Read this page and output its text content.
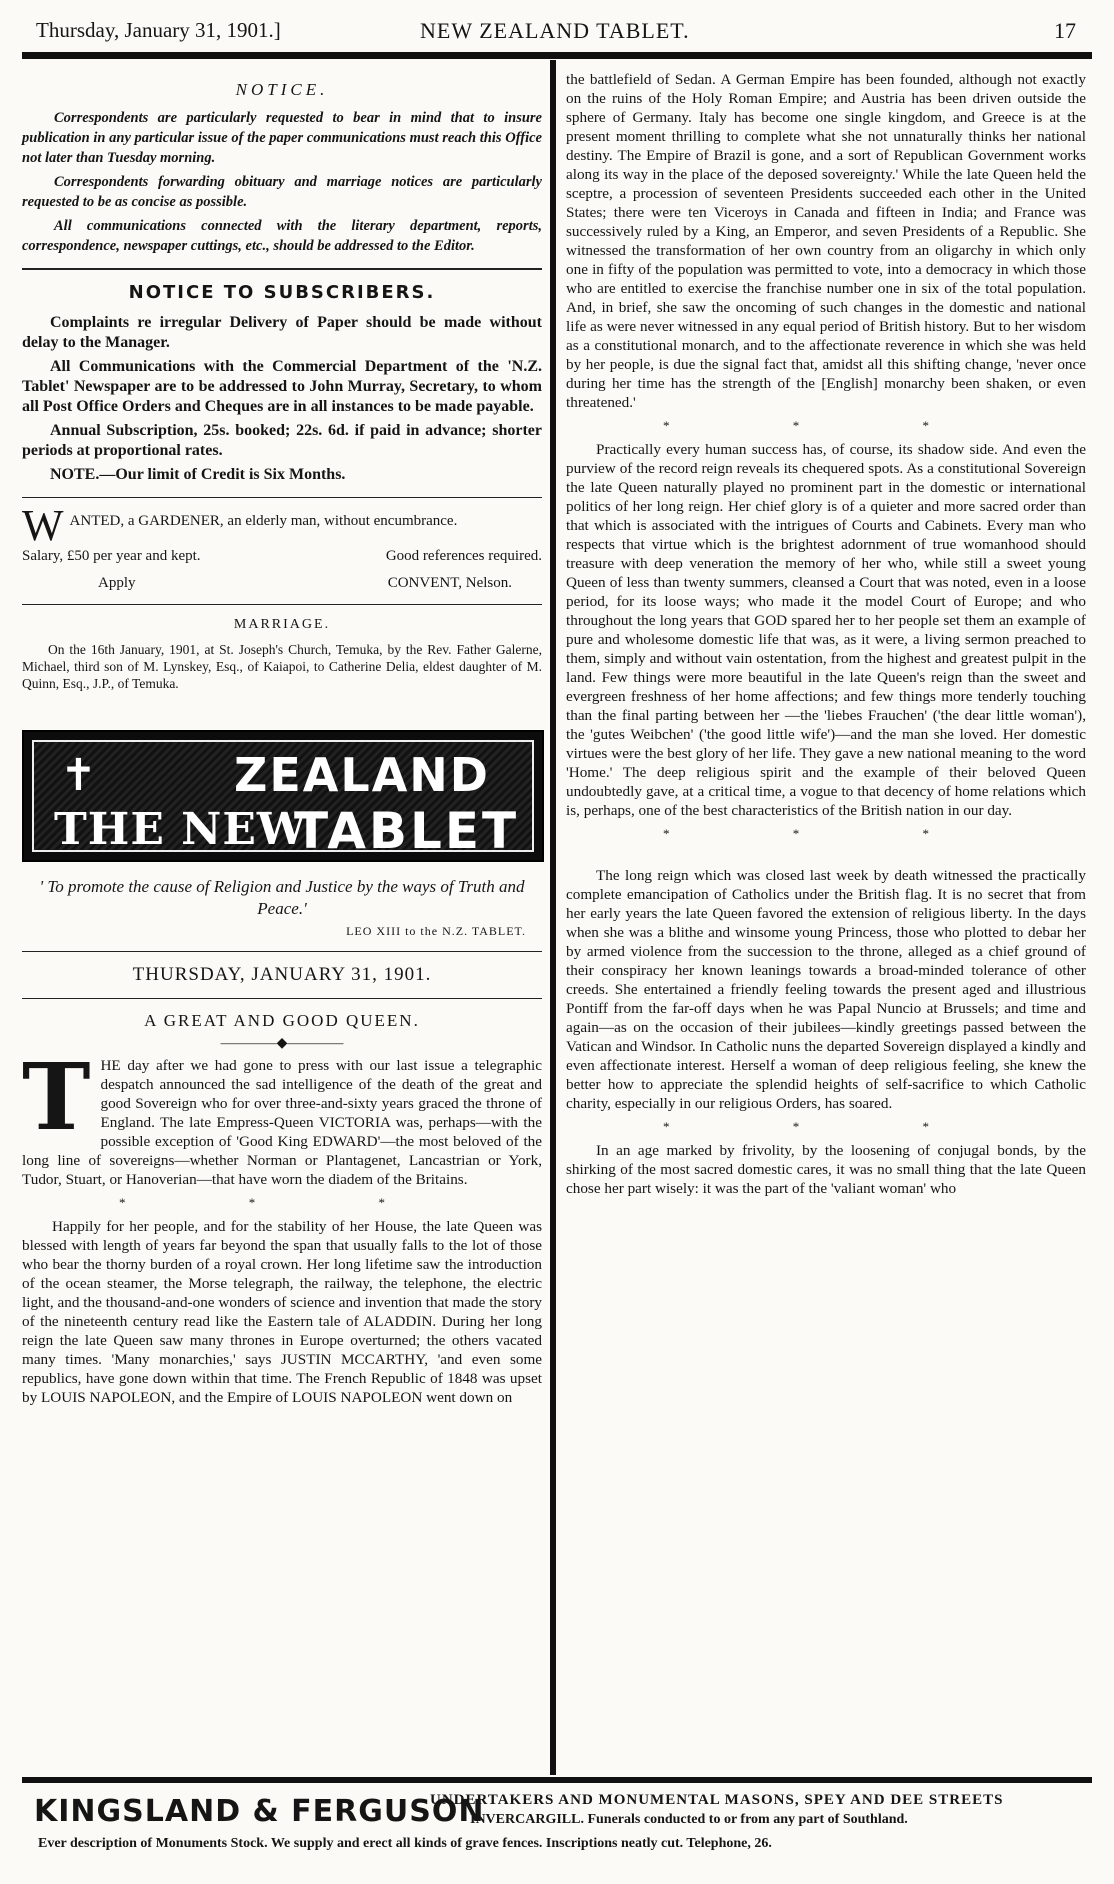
Thursday, January 31, 1901.]	NEW ZEALAND TABLET.	17
NOTICE.

Correspondents are particularly requested to bear in mind that to insure publication in any particular issue of the paper communications must reach this Office not later than Tuesday morning.

Correspondents forwarding obituary and marriage notices are particularly requested to be as concise as possible.

All communications connected with the literary department, reports, correspondence, newspaper cuttings, etc., should be addressed to the Editor.

NOTICE TO SUBSCRIBERS.

Complaints re irregular Delivery of Paper should be made without delay to the Manager.

All Communications with the Commercial Department of the 'N.Z. Tablet' Newspaper are to be addressed to John Murray, Secretary, to whom all Post Office Orders and Cheques are in all instances to be made payable.

Annual Subscription, 25s. booked; 22s. 6d. if paid in advance; shorter periods at proportional rates.

NOTE.—Our limit of Credit is Six Months.

W ANTED, a GARDENER, an elderly man, without encumbrance.
Salary, £50 per year and kept.	Good references required.
Apply	CONVENT, Nelson.
MARRIAGE.
On the 16th January, 1901, at St. Joseph's Church, Temuka, by the Rev. Father Galerne, Michael, third son of M. Lynskey, Esq., of Kaiapoi, to Catherine Delia, eldest daughter of M. Quinn, Esq., J.P., of Temuka.
✝	ZEALAND
THE NEW
TABLET
' To promote the cause of Religion and Justice by the ways of Truth and Peace.'
LEO XIII to the N.Z. TABLET.
THURSDAY, JANUARY 31, 1901.
A GREAT AND GOOD QUEEN.
————◆————
T HE day after we had gone to press with our last issue a telegraphic despatch announced the sad intelligence of the death of the great and good Sovereign who for over three-and-sixty years graced the throne of England. The late Empress-Queen VICTORIA was, perhaps—with the possible exception of 'Good King EDWARD'—the most beloved of the long line of sovereigns—whether Norman or Plantagenet, Lancastrian or York, Tudor, Stuart, or Hanoverian—that have worn the diadem of the Britains.

* * *

Happily for her people, and for the stability of her House, the late Queen was blessed with length of years far beyond the span that usually falls to the lot of those who bear the thorny burden of a royal crown. Her long lifetime saw the introduction of the ocean steamer, the Morse telegraph, the railway, the telephone, the electric light, and the thousand-and-one wonders of science and invention that made the story of the nineteenth century read like the Eastern tale of ALADDIN. During her long reign the late Queen saw many thrones in Europe overturned; the others vacated many times. 'Many monarchies,' says JUSTIN MCCARTHY, 'and even some republics, have gone down within that time. The French Republic of 1848 was upset by LOUIS NAPOLEON, and the Empire of LOUIS NAPOLEON went down on

the battlefield of Sedan. A German Empire has been founded, although not exactly on the ruins of the Holy Roman Empire; and Austria has been driven outside the sphere of Germany. Italy has become one single kingdom, and Greece is at the present moment thrilling to complete what she not unnaturally thinks her national destiny. The Empire of Brazil is gone, and a sort of Republican Government works along its way in the place of the deposed sovereignty.' While the late Queen held the sceptre, a procession of seventeen Presidents succeeded each other in the United States; there were ten Viceroys in Canada and fifteen in India; and France was successively ruled by a King, an Emperor, and seven Presidents of a Republic. She witnessed the transformation of her own country from an oligarchy in which only one in fifty of the population was permitted to vote, into a democracy in which those who are entitled to exercise the franchise number one in six of the total population. And, in brief, she saw the oncoming of such changes in the domestic and national life as were never witnessed in any equal period of British history. But to her wisdom as a constitutional monarch, and to the affectionate reverence in which she was held by her people, is due the signal fact that, amidst all this shifting change, 'never once during her time has the strength of the [English] monarchy been shaken, or even threatened.'

* * *

Practically every human success has, of course, its shadow side. And even the purview of the record reign reveals its chequered spots. As a constitutional Sovereign the late Queen naturally played no prominent part in the domestic or international politics of her long reign. Her chief glory is of a quieter and more sacred order than that which is associated with the intrigues of Courts and Cabinets. Every man who respects that virtue which is the brightest adornment of true womanhood should treasure with deep veneration the memory of her who, while still a sweet young Queen of less than twenty summers, cleansed a Court that was noted, even in a loose period, for its loose ways; who made it the model Court of Europe; and who throughout the long years that GOD spared her to her people set them an example of pure and wholesome domestic life that was, as it were, a living sermon preached to them, simply and without vain ostentation, from the highest and greatest pulpit in the land. Few things were more beautiful in the late Queen's reign than the sweet and evergreen freshness of her home affections; and few things more tenderly touching than the final parting between her —the 'liebes Frauchen' ('the dear little woman'), the 'gutes Weibchen' ('the good little wife')—and the man she loved. Her domestic virtues were the best glory of her life. They gave a new national meaning to the word 'Home.' The deep religious spirit and the example of their beloved Queen undoubtedly gave, at a critical time, a vogue to that decency of home relations which is, perhaps, one of the best characteristics of the British nation in our day.

* * *

The long reign which was closed last week by death witnessed the practically complete emancipation of Catholics under the British flag. It is no secret that from her early years the late Queen favored the extension of religious liberty. In the days when she was a blithe and winsome young Princess, those who plotted to debar her by armed violence from the succession to the throne, alleged as a chief ground of their conspiracy her known leanings towards a broad-minded tolerance of other creeds. She entertained a friendly feeling towards the present aged and illustrious Pontiff from the far-off days when he was Papal Nuncio at Brussels; and time and again—as on the occasion of their jubilees—kindly greetings passed between the Vatican and Windsor. In Catholic nuns the departed Sovereign displayed a kindly and even affectionate interest. Herself a woman of deep religious feeling, she knew the better how to appreciate the splendid heights of self-sacrifice to which Catholic charity, especially in our religious Orders, has soared.

* * *

In an age marked by frivolity, by the loosening of conjugal bonds, by the shirking of the most sacred domestic cares, it was no small thing that the late Queen chose her part wisely: it was the part of the 'valiant woman' who

KINGSLAND & FERGUSON
UNDERTAKERS AND MONUMENTAL MASONS, SPEY AND DEE STREETS
INVERCARGILL. Funerals conducted to or from any part of Southland.
Ever description of Monuments Stock. We supply and erect all kinds of grave fences. Inscriptions neatly cut. Telephone, 26.
